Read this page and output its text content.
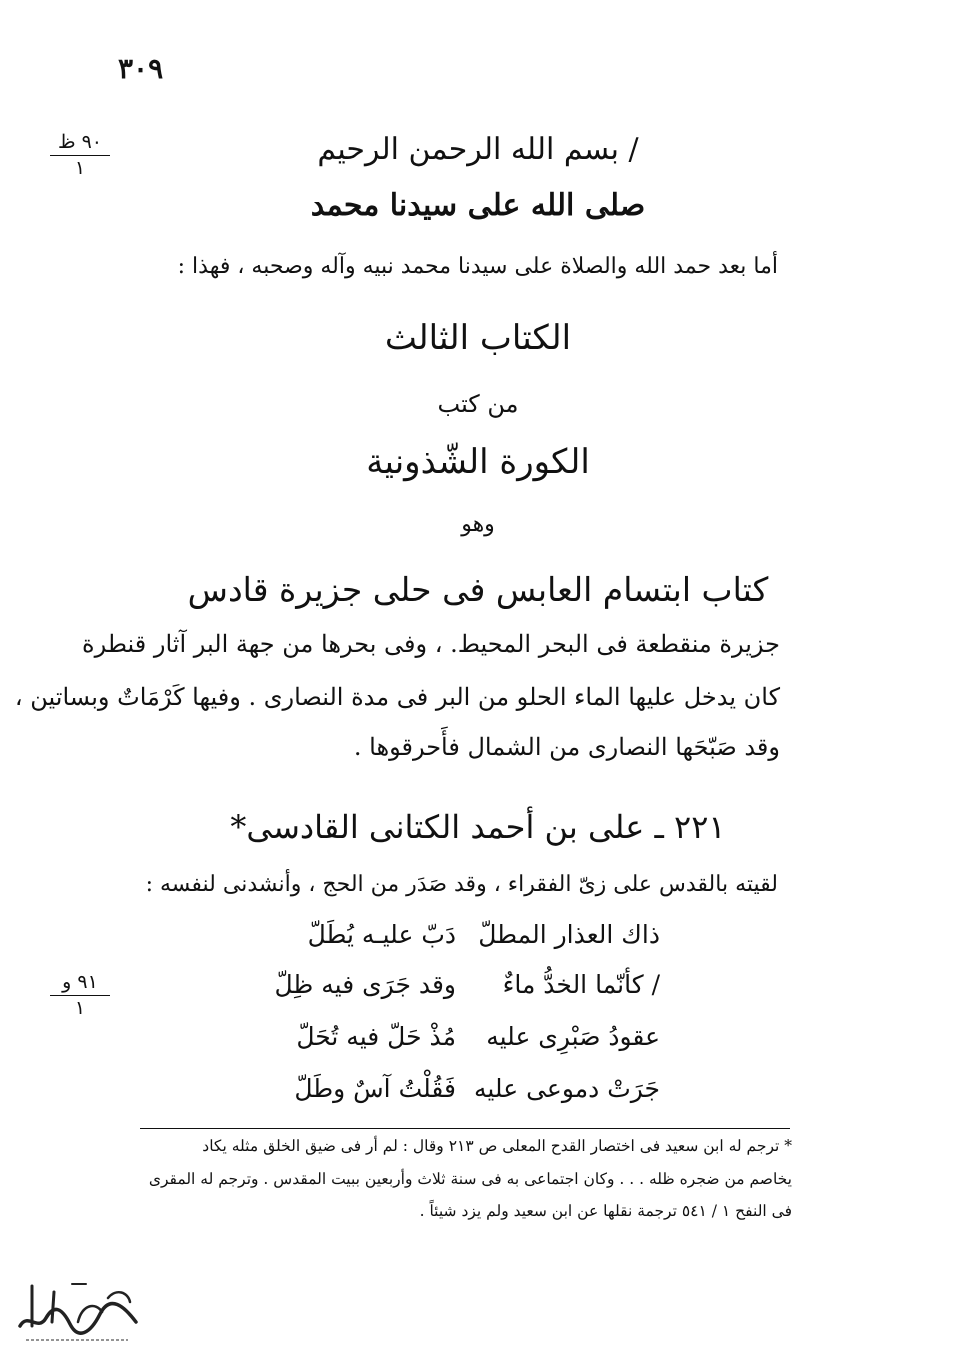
٣٠٩
٩٠ ظ
١
٩١ و
١
/ بسم الله الرحمن الرحيم
صلى الله على سيدنا محمد
أما بعد حمد الله والصلاة على سيدنا محمد نبيه وآله وصحبه ، فهذا :
الكتاب الثالث
من كتب
الكورة الشّذونية
وهو
كتاب ابتسام العابس فى حلى جزيرة قادس
جزيرة منقطعة فى البحر المحيط. ، وفى بحرها من جهة البر آثار قنطرة
كان يدخل عليها الماء الحلو من البر فى مدة النصارى . وفيها كَرْمَاتٌ وبساتين ،
وقد صَبّحَها النصارى من الشمال فأَحرقوها .
٢٢١ ـ على بن أحمد الكتانى القادسى*
لقيته بالقدس على زىّ الفقراء ، وقد صَدَر من الحج ، وأنشدنى لنفسه :
ذاك العذار المطلّ
دَبّ عليـه يُطَلّ
/ كأنّما الخدُّ ماءٌ
وقد جَرَى فيه ظِلّ
عقودُ صَبْرِى عليه
مُذْ حَلّ فيه تُحَلّ
جَرَتْ دموعى عليه
فَقُلْتُ آسٌ وطَلّ
* ترجم له ابن سعيد فى اختصار القدح المعلى ص ٢١٣ وقال : لم أر فى ضيق الخلق مثله يكاد
يخاصم من ضجره ظله . . . وكان اجتماعى به فى سنة ثلاث وأربعين ببيت المقدس . وترجم له المقرى
فى النفح ١ / ٥٤١ ترجمة نقلها عن ابن سعيد ولم يزد شيئاً .
